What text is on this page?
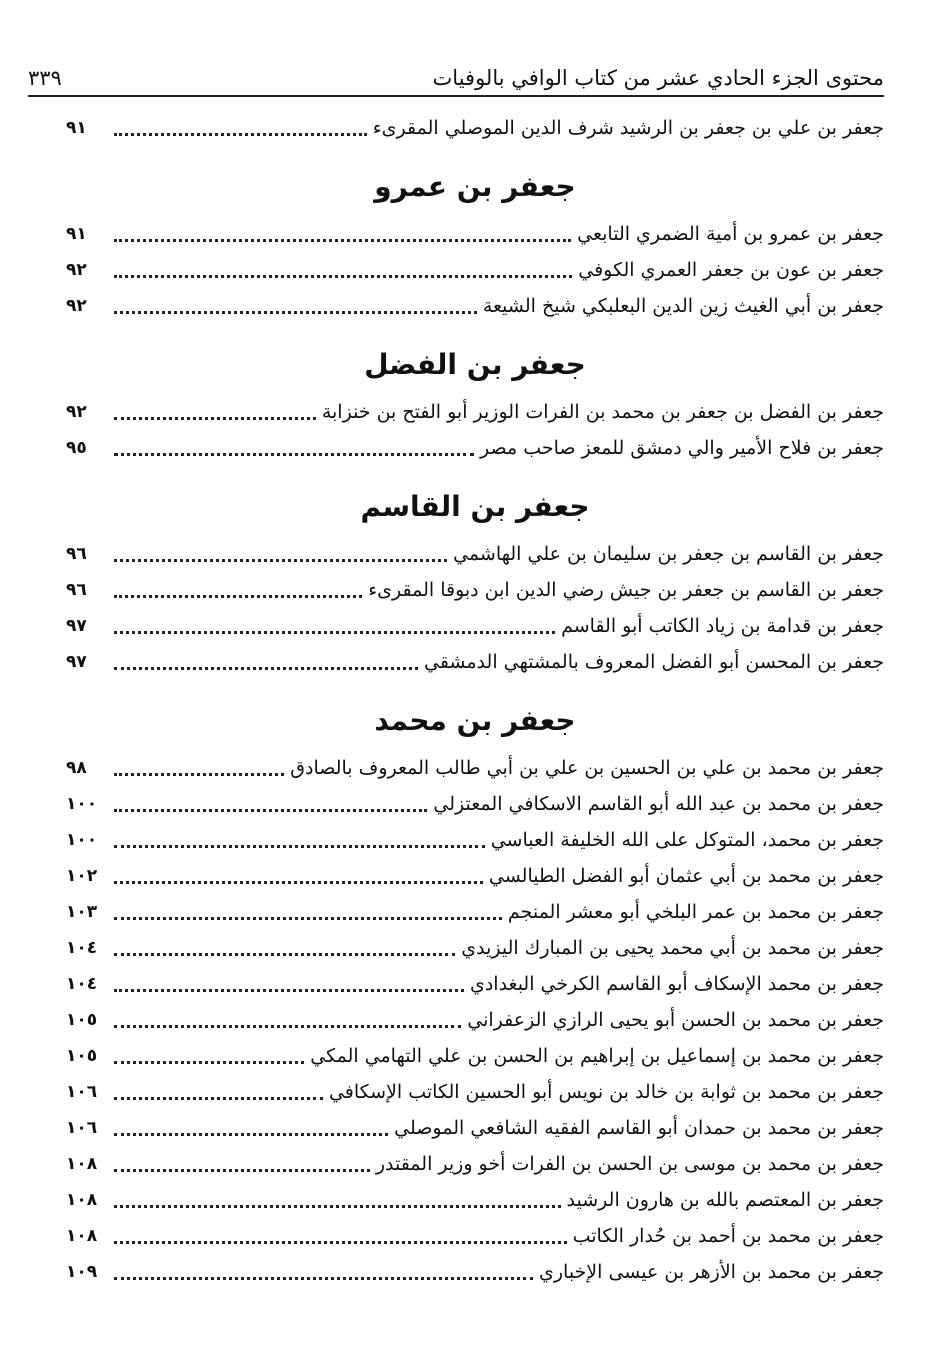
محتوى الجزء الحادي عشر من كتاب الوافي بالوفيات
٣٣٩
جعفر بن علي بن جعفر بن الرشيد شرف الدين الموصلي المقرىء
٩١
جعفر بن عمرو
جعفر بن عمرو بن أمية الضمري التابعي
٩١
جعفر بن عون بن جعفر العمري الكوفي
٩٢
جعفر بن أبي الغيث زين الدين البعلبكي شيخ الشيعة
٩٢
جعفر بن الفضل
جعفر بن الفضل بن جعفر بن محمد بن الفرات الوزير أبو الفتح بن خنزابة
٩٢
جعفر بن فلاح الأمير والي دمشق للمعز صاحب مصر
٩٥
جعفر بن القاسم
جعفر بن القاسم بن جعفر بن سليمان بن علي الهاشمي
٩٦
جعفر بن القاسم بن جعفر بن جيش رضي الدين ابن دبوقا المقرىء
٩٦
جعفر بن قدامة بن زياد الكاتب أبو القاسم
٩٧
جعفر بن المحسن أبو الفضل المعروف بالمشتهي الدمشقي
٩٧
جعفر بن محمد
جعفر بن محمد بن علي بن الحسين بن علي بن أبي طالب المعروف بالصادق
٩٨
جعفر بن محمد بن عبد الله أبو القاسم الاسكافي المعتزلي
١٠٠
جعفر بن محمد، المتوكل على الله الخليفة العباسي
١٠٠
جعفر بن محمد بن أبي عثمان أبو الفضل الطيالسي
١٠٢
جعفر بن محمد بن عمر البلخي أبو معشر المنجم
١٠٣
جعفر بن محمد بن أبي محمد يحيى بن المبارك اليزيدي
١٠٤
جعفر بن محمد الإسكاف أبو القاسم الكرخي البغدادي
١٠٤
جعفر بن محمد بن الحسن أبو يحيى الرازي الزعفراني
١٠٥
جعفر بن محمد بن إسماعيل بن إبراهيم بن الحسن بن علي التهامي المكي
١٠٥
جعفر بن محمد بن ثوابة بن خالد بن نويس أبو الحسين الكاتب الإسكافي
١٠٦
جعفر بن محمد بن حمدان أبو القاسم الفقيه الشافعي الموصلي
١٠٦
جعفر بن محمد بن موسى بن الحسن بن الفرات أخو وزير المقتدر
١٠٨
جعفر بن المعتصم بالله بن هارون الرشيد
١٠٨
جعفر بن محمد بن أحمد بن حُدار الكاتب
١٠٨
جعفر بن محمد بن الأزهر بن عيسى الإخباري
١٠٩
